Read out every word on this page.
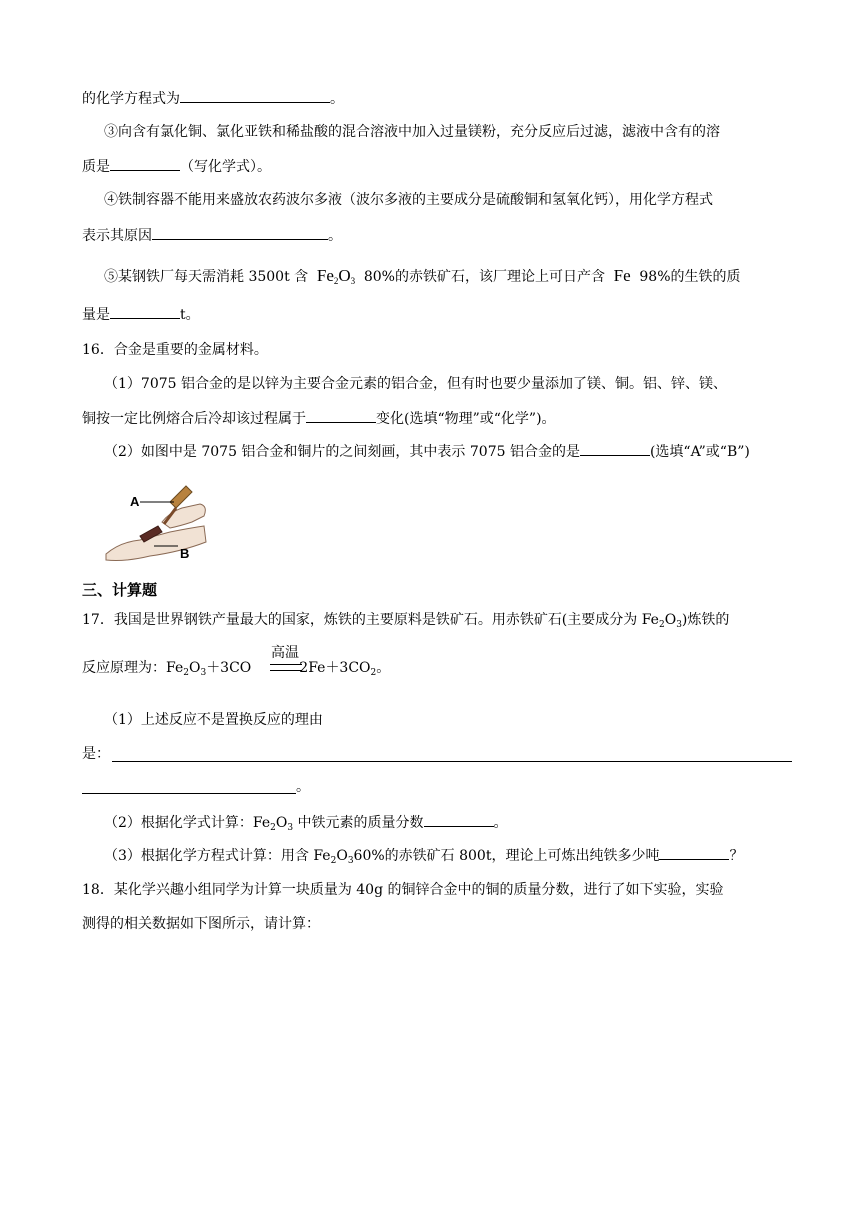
的化学方程式为	。
③向含有氯化铜、氯化亚铁和稀盐酸的混合溶液中加入过量镁粉，充分反应后过滤，滤液中含有的溶
质是	（写化学式）。
④铁制容器不能用来盛放农药波尔多液（波尔多液的主要成分是硫酸铜和氢氧化钙），用化学方程式
表示其原因	。
⑤某钢铁厂每天需消耗 3500t 含 $Fe_2O_3$ 80%的赤铁矿石，该厂理论上可日产含 Fe 98%的生铁的质
量是	t。
16．合金是重要的金属材料。
（1）7075 铝合金的是以锌为主要合金元素的铝合金，但有时也要少量添加了镁、铜。铝、锌、镁、
铜按一定比例熔合后冷却该过程属于	变化(选填“物理”或“化学”)。
（2）如图中是 7075 铝合金和铜片的之间刻画，其中表示 7075 铝合金的是	(选填“A”或“B”)
A
B
三、计算题
17．我国是世界钢铁产量最大的国家，炼铁的主要原料是铁矿石。用赤铁矿石(主要成分为 $Fe_2O_3$)炼铁的
高温
反应原理为：$Fe_2O_3+3CO$	$2Fe+3CO_2$。
（1）上述反应不是置换反应的理由
是：
。
（2）根据化学式计算：$Fe_2O_3$ 中铁元素的质量分数	。
（3）根据化学方程式计算：用含 $Fe_2O_360\%$的赤铁矿石 800t，理论上可炼出纯铁多少吨	？
18．某化学兴趣小组同学为计算一块质量为 40g 的铜锌合金中的铜的质量分数，进行了如下实验，实验
测得的相关数据如下图所示，请计算：
